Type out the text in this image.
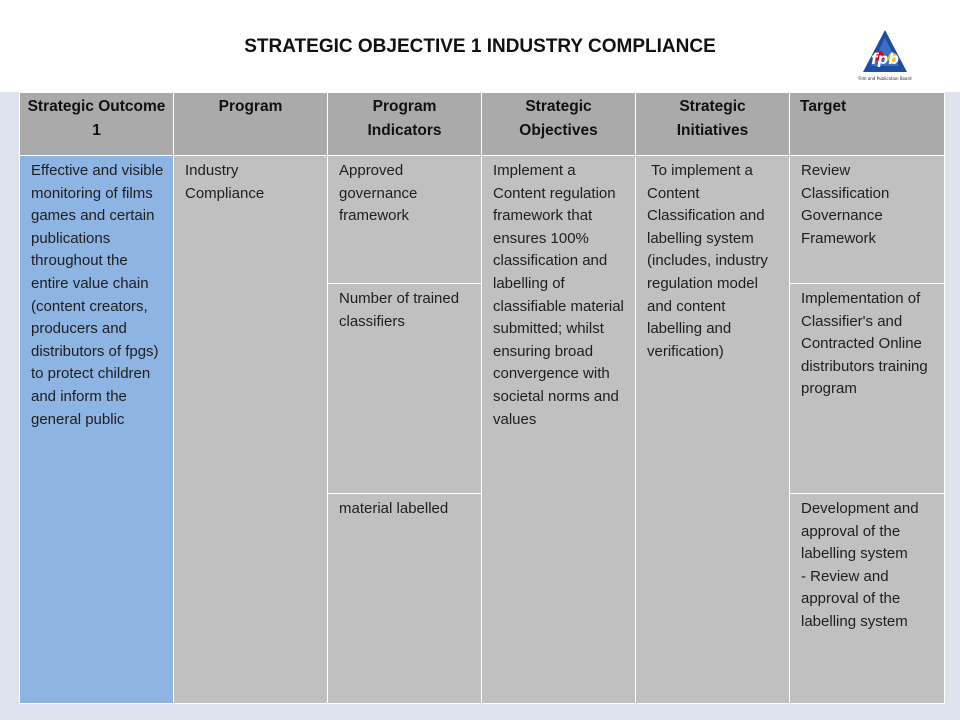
STRATEGIC OBJECTIVE 1 INDUSTRY COMPLIANCE
fpb
Film and Publication Board
Strategic Outcome 1	Program	Program Indicators	Strategic Objectives	Strategic Initiatives	Target
Effective and visible monitoring of films games and certain publications throughout the entire value chain (content creators, producers and distributors of fpgs) to protect children and inform the general public	Industry Compliance	Approved governance framework	Implement a Content regulation framework that ensures 100% classification and labelling of classifiable material submitted; whilst ensuring broad convergence with societal norms and values	To implement a Content Classification and labelling system (includes, industry regulation model and content labelling and verification)	Review Classification Governance Framework
		Number of trained classifiers			Implementation of Classifier's and Contracted Online distributors training program
		material labelled			Development and approval of the labelling system
- Review and approval of the labelling system
